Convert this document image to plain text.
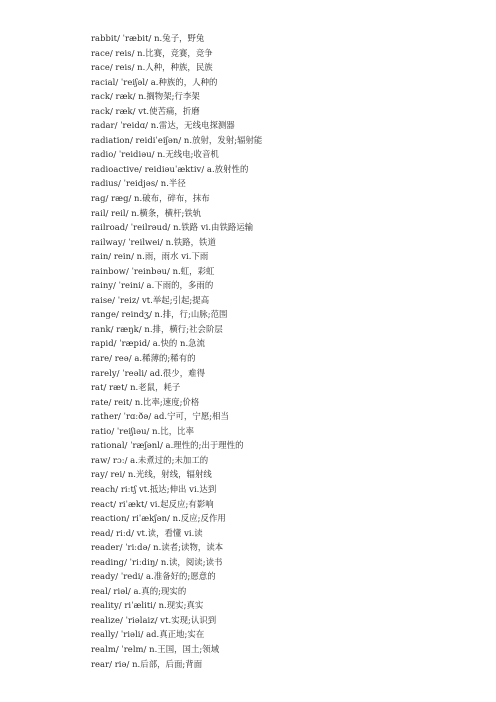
rabbit/ ˈræbit/ n.兔子，野兔
race/ reis/ n.比赛，竞赛，竞争
race/ reis/ n.人种，种族，民族
racial/ ˈreiʃəl/ a.种族的，人种的
rack/ ræk/ n.搁物架;行李架
rack/ ræk/ vt.使苦痛，折磨
radar/ ˈreidɑ/ n.雷达，无线电探测器
radiation/ reidiˈeiʃən/ n.放射，发射;辐射能
radio/ ˈreidiəu/ n.无线电;收音机
radioactive/ reidiəuˈæktiv/ a.放射性的
radius/ ˈreidjəs/ n.半径
rag/ ræg/ n.破布，碎布，抹布
rail/ reil/ n.横条，横杆;铁轨
railroad/ ˈreilrəud/ n.铁路 vi.由铁路运输
railway/ ˈreilwei/ n.铁路，铁道
rain/ rein/ n.雨，雨水 vi.下雨
rainbow/ ˈreinbəu/ n.虹，彩虹
rainy/ ˈreini/ a.下雨的，多雨的
raise/ ˈreiz/ vt.举起;引起;提高
range/ reindʒ/ n.排，行;山脉;范围
rank/ ræŋk/ n.排，横行;社会阶层
rapid/ ˈræpid/ a.快的 n.急流
rare/ reə/ a.稀薄的;稀有的
rarely/ ˈreəli/ ad.很少，难得
rat/ ræt/ n.老鼠，耗子
rate/ reit/ n.比率;速度;价格
rather/ ˈrɑːðə/ ad.宁可，宁愿;相当
ratio/ ˈreiʃiəu/ n.比，比率
rational/ ˈræʃənl/ a.理性的;出于理性的
raw/ rɔː/ a.未煮过的;未加工的
ray/ rei/ n.光线，射线，辐射线
reach/ riːtʃ vt.抵达;伸出 vi.达到
react/ riˈækt/ vi.起反应;有影响
reaction/ riˈækʃən/ n.反应;反作用
read/ riːd/ vt.读，看懂 vi.读
reader/ ˈriːdə/ n.读者;读物，读本
reading/ ˈriːdiŋ/ n.读，阅读;读书
ready/ ˈredi/ a.准备好的;愿意的
real/ riəl/ a.真的;现实的
reality/ riˈæliti/ n.现实;真实
realize/ ˈriəlaiz/ vt.实现;认识到
really/ ˈriəli/ ad.真正地;实在
realm/ ˈrelm/ n.王国，国土;领域
rear/ riə/ n.后部，后面;背面
